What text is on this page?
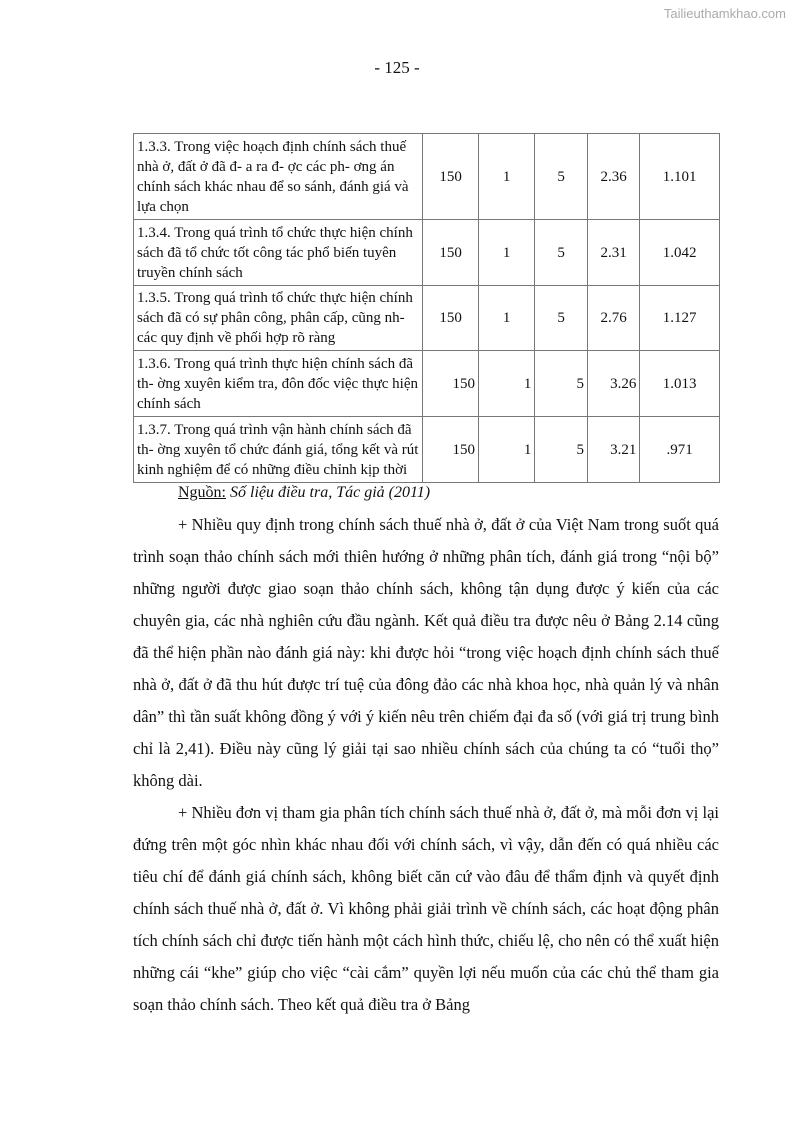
Tailieuthamkhao.com
- 125 -
1.3.3. Trong việc hoạch định chính sách thuế nhà ở, đất ở đã đ- a ra đ- ợc các ph- ơng án chính sách khác nhau để so sánh, đánh giá và lựa chọn	150	1	5	2.36	1.101
1.3.4. Trong quá trình tổ chức thực hiện chính sách đã tổ chức tốt công tác phổ biến tuyên truyền chính sách	150	1	5	2.31	1.042
1.3.5. Trong quá trình tổ chức thực hiện chính sách đã có sự phân công, phân cấp, cũng nh- các quy định về phối hợp rõ ràng	150	1	5	2.76	1.127
1.3.6. Trong quá trình thực hiện chính sách đã th- ờng xuyên kiểm tra, đôn đốc việc thực hiện chính sách	150	1	5	3.26	1.013
1.3.7. Trong quá trình vận hành chính sách đã th- ờng xuyên tổ chức đánh giá, tổng kết và rút kinh nghiệm để có những điều chỉnh kịp thời	150	1	5	3.21	.971
Nguồn: Số liệu điều tra, Tác giả (2011)

+ Nhiều quy định trong chính sách thuế nhà ở, đất ở của Việt Nam trong suốt quá trình soạn thảo chính sách mới thiên hướng ở những phân tích, đánh giá trong “nội bộ” những người được giao soạn thảo chính sách, không tận dụng được ý kiến của các chuyên gia, các nhà nghiên cứu đầu ngành. Kết quả điều tra được nêu ở Bảng 2.14 cũng đã thể hiện phần nào đánh giá này: khi được hỏi “trong việc hoạch định chính sách thuế nhà ở, đất ở đã thu hút được trí tuệ của đông đảo các nhà khoa học, nhà quản lý và nhân dân” thì tần suất không đồng ý với ý kiến nêu trên chiếm đại đa số (với giá trị trung bình chỉ là 2,41). Điều này cũng lý giải tại sao nhiều chính sách của chúng ta có “tuổi thọ” không dài.

+ Nhiều đơn vị tham gia phân tích chính sách thuế nhà ở, đất ở, mà mỗi đơn vị lại đứng trên một góc nhìn khác nhau đối với chính sách, vì vậy, dẫn đến có quá nhiều các tiêu chí để đánh giá chính sách, không biết căn cứ vào đâu để thẩm định và quyết định chính sách thuế nhà ở, đất ở. Vì không phải giải trình về chính sách, các hoạt động phân tích chính sách chỉ được tiến hành một cách hình thức, chiếu lệ, cho nên có thể xuất hiện những cái “khe” giúp cho việc “cài cắm” quyền lợi nếu muốn của các chủ thể tham gia soạn thảo chính sách. Theo kết quả điều tra ở Bảng
